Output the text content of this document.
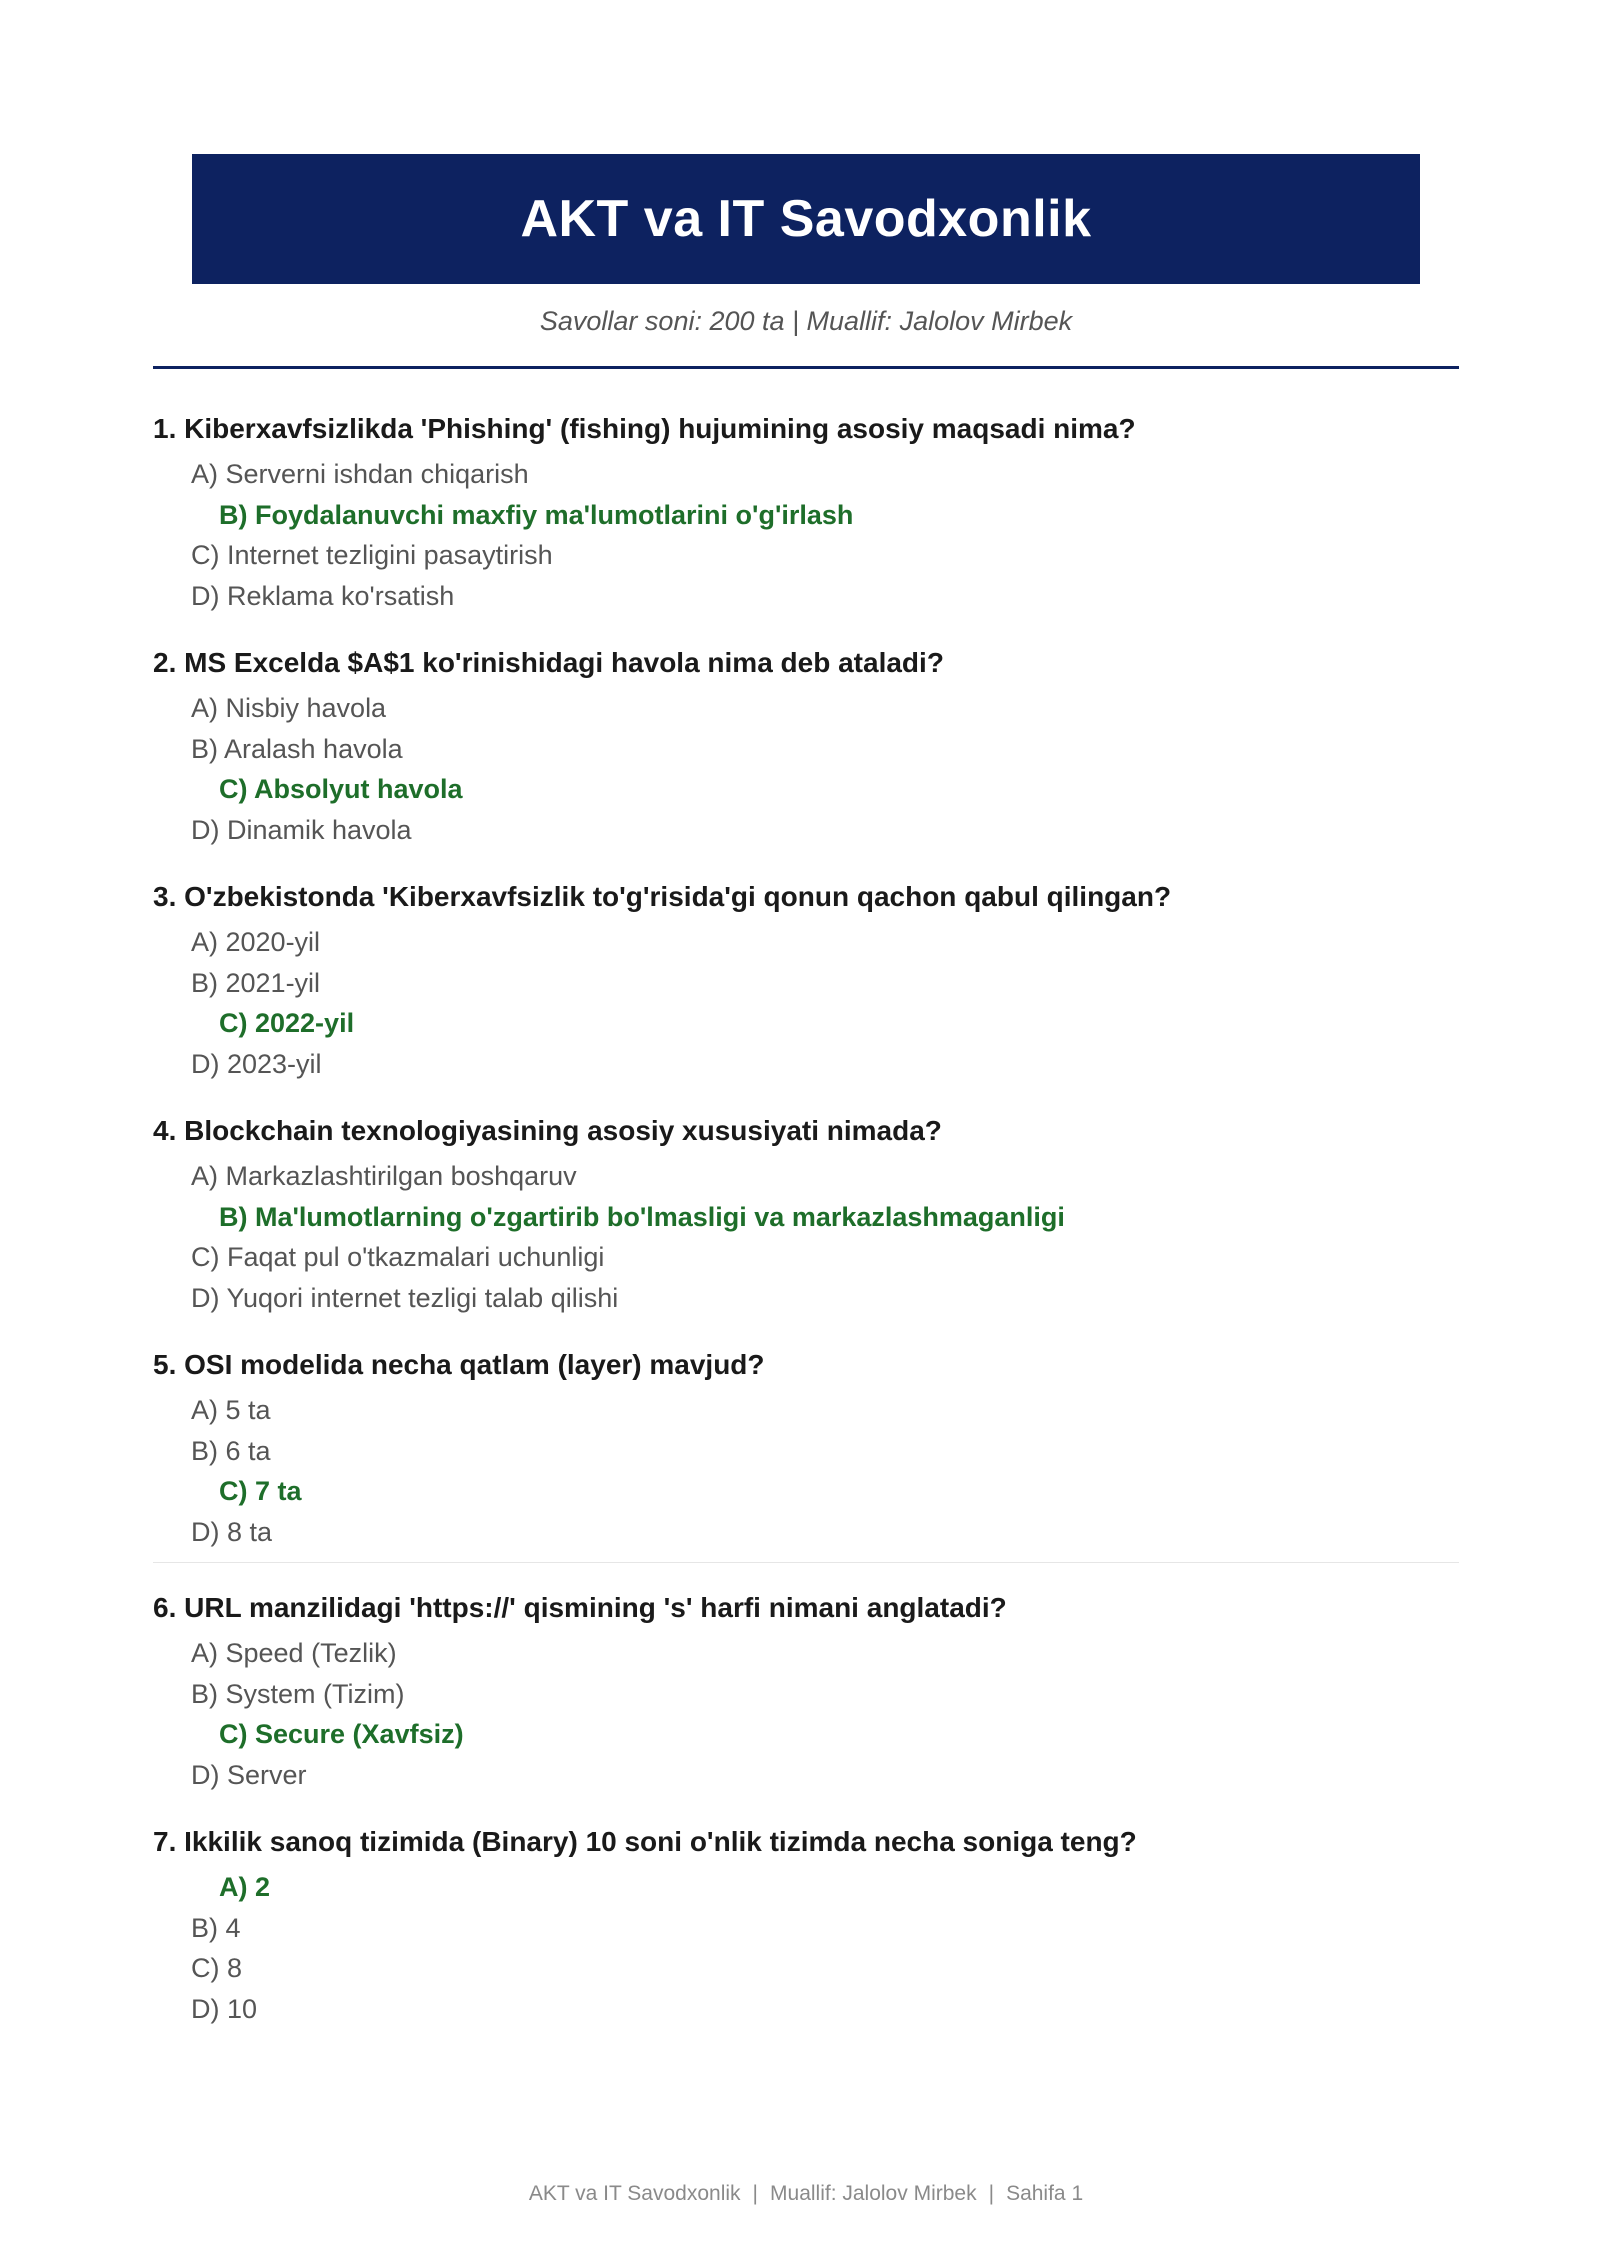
AKT va IT Savodxonlik
Savollar soni: 200 ta | Muallif: Jalolov Mirbek
1. Kiberxavfsizlikda 'Phishing' (fishing) hujumining asosiy maqsadi nima?
A) Serverni ishdan chiqarish
B) Foydalanuvchi maxfiy ma'lumotlarini o'g'irlash
C) Internet tezligini pasaytirish
D) Reklama ko'rsatish
2. MS Excelda $A$1 ko'rinishidagi havola nima deb ataladi?
A) Nisbiy havola
B) Aralash havola
C) Absolyut havola
D) Dinamik havola
3. O'zbekistonda 'Kiberxavfsizlik to'g'risida'gi qonun qachon qabul qilingan?
A) 2020-yil
B) 2021-yil
C) 2022-yil
D) 2023-yil
4. Blockchain texnologiyasining asosiy xususiyati nimada?
A) Markazlashtirilgan boshqaruv
B) Ma'lumotlarning o'zgartirib bo'lmasligi va markazlashmaganligi
C) Faqat pul o'tkazmalari uchunligi
D) Yuqori internet tezligi talab qilishi
5. OSI modelida necha qatlam (layer) mavjud?
A) 5 ta
B) 6 ta
C) 7 ta
D) 8 ta
6. URL manzilidagi 'https://' qismining 's' harfi nimani anglatadi?
A) Speed (Tezlik)
B) System (Tizim)
C) Secure (Xavfsiz)
D) Server
7. Ikkilik sanoq tizimida (Binary) 10 soni o'nlik tizimda necha soniga teng?
A) 2
B) 4
C) 8
D) 10
AKT va IT Savodxonlik | Muallif: Jalolov Mirbek | Sahifa 1
